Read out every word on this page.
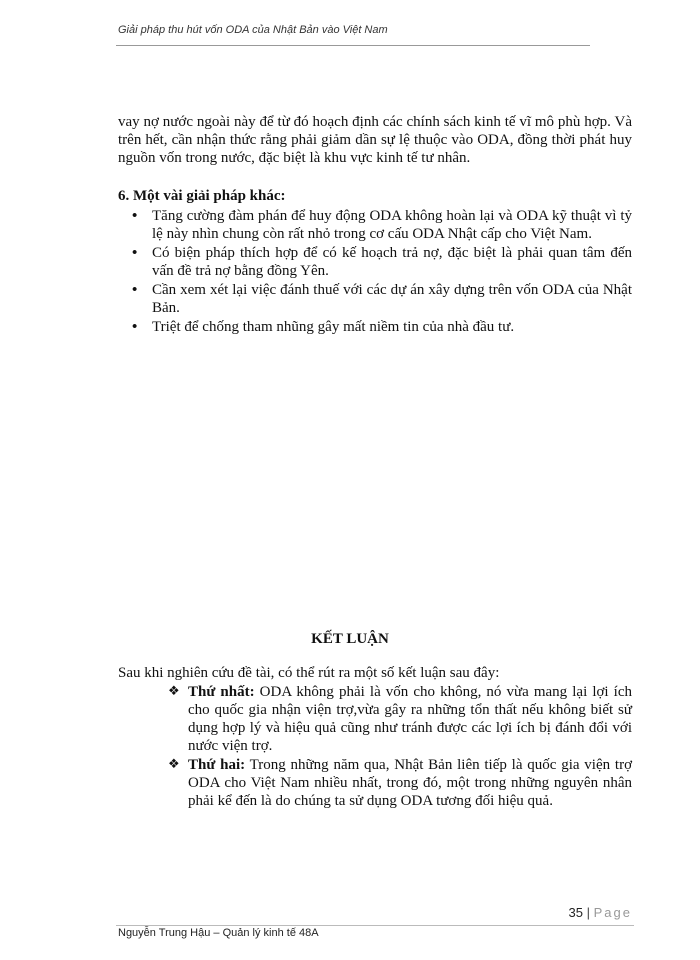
Giải pháp thu hút vốn ODA của Nhật Bản vào Việt Nam
vay nợ nước ngoài này để từ đó hoạch định các chính sách kinh tế vĩ mô phù hợp. Và trên hết, cần nhận thức rằng phải giảm dần sự lệ thuộc vào ODA, đồng thời phát huy nguồn vốn trong nước, đặc biệt là khu vực kinh tế tư nhân.
6. Một vài giải pháp khác:
• Tăng cường đàm phán để huy động ODA không hoàn lại và ODA kỹ thuật vì tỷ lệ này nhìn chung còn rất nhỏ trong cơ cấu ODA Nhật cấp cho Việt Nam.
• Có biện pháp thích hợp để có kế hoạch trả nợ, đặc biệt là phải quan tâm đến vấn đề trả nợ bằng đồng Yên.
• Cần xem xét lại việc đánh thuế với các dự án xây dựng trên vốn ODA của Nhật Bản.
• Triệt để chống tham nhũng gây mất niềm tin của nhà đầu tư.
KẾT LUẬN
Sau khi nghiên cứu đề tài, có thể rút ra một số kết luận sau đây:
❖ Thứ nhất: ODA không phải là vốn cho không, nó vừa mang lại lợi ích cho quốc gia nhận viện trợ,vừa gây ra những tổn thất nếu không biết sử dụng hợp lý và hiệu quả cũng như tránh được các lợi ích bị đánh đổi với nước viện trợ.
❖ Thứ hai: Trong những năm qua, Nhật Bản liên tiếp là quốc gia viện trợ ODA cho Việt Nam nhiều nhất, trong đó, một trong những nguyên nhân phải kể đến là do chúng ta sử dụng ODA tương đối hiệu quả.
35 | Page
Nguyễn Trung Hậu – Quản lý kinh tế 48A
